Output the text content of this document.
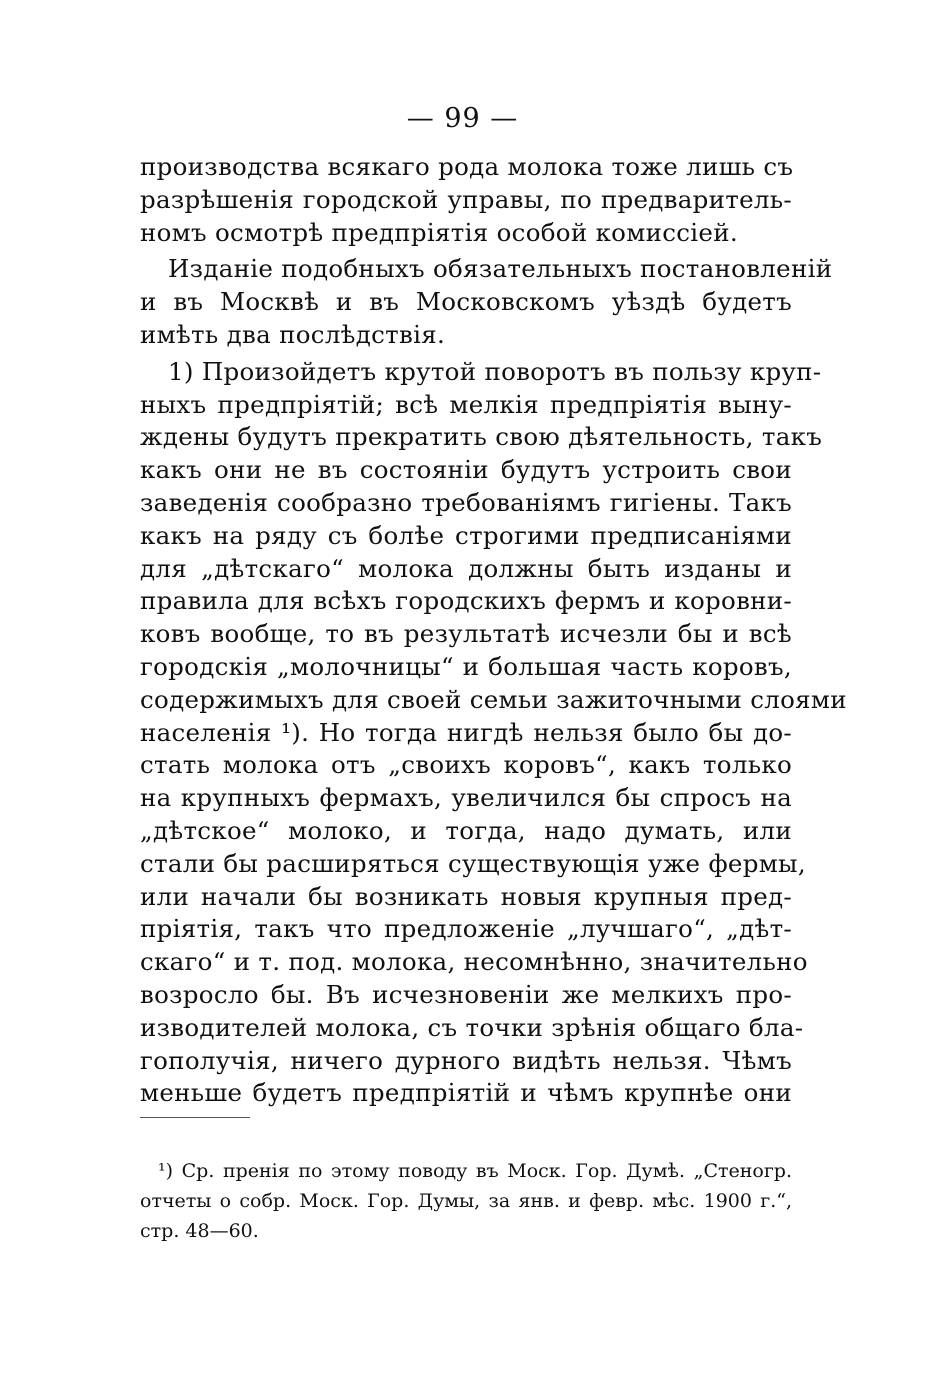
— 99 —
производства всякаго рода молока тоже лишь съ
разрѣшенія городской управы, по предваритель-
номъ осмотрѣ предпріятія особой комиссіей.
Изданіе подобныхъ обязательныхъ постановленій
и въ Москвѣ и въ Московскомъ уѣздѣ будетъ
имѣть два послѣдствія.
1) Произойдетъ крутой поворотъ въ пользу круп-
ныхъ предпріятій; всѣ мелкія предпріятія выну-
ждены будутъ прекратить свою дѣятельность, такъ
какъ они не въ состояніи будутъ устроить свои
заведенія сообразно требованіямъ гигіены. Такъ
какъ на ряду съ болѣе строгими предписаніями
для „дѣтскаго“ молока должны быть изданы и
правила для всѣхъ городскихъ фермъ и коровни-
ковъ вообще, то въ результатѣ исчезли бы и всѣ
городскія „молочницы“ и большая часть коровъ,
содержимыхъ для своей семьи зажиточными слоями
населенія ¹). Но тогда нигдѣ нельзя было бы до-
стать молока отъ „своихъ коровъ“, какъ только
на крупныхъ фермахъ, увеличился бы спросъ на
„дѣтское“ молоко, и тогда, надо думать, или
стали бы расширяться существующія уже фермы,
или начали бы возникать новыя крупныя пред-
пріятія, такъ что предложеніе „лучшаго“, „дѣт-
скаго“ и т. под. молока, несомнѣнно, значительно
возросло бы. Въ исчезновеніи же мелкихъ про-
изводителей молока, съ точки зрѣнія общаго бла-
гополучія, ничего дурного видѣть нельзя. Чѣмъ
меньше будетъ предпріятій и чѣмъ крупнѣе они
¹) Ср. пренія по этому поводу въ Моск. Гор. Думѣ. „Стеногр.
отчеты о собр. Моск. Гор. Думы, за янв. и февр. мѣс. 1900 г.“,
стр. 48—60.
